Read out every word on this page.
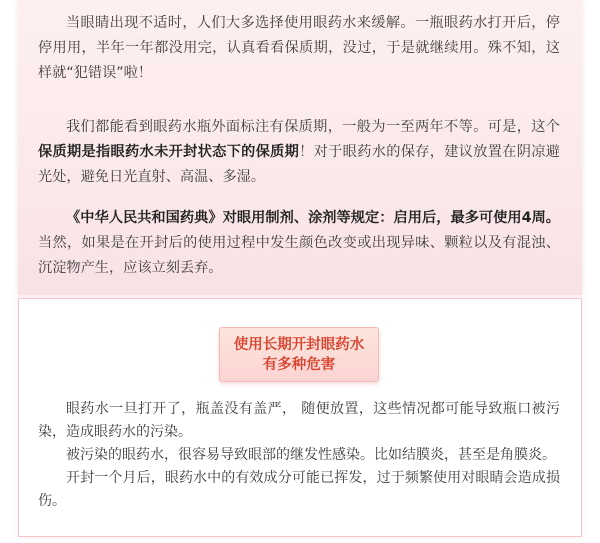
当眼睛出现不适时，人们大多选择使用眼药水来缓解。一瓶眼药水打开后，停停用用，半年一年都没用完，认真看看保质期，没过，于是就继续用。殊不知，这样就“犯错误”啦！

我们都能看到眼药水瓶外面标注有保质期，一般为一至两年不等。可是，这个保质期是指眼药水未开封状态下的保质期！对于眼药水的保存，建议放置在阴凉避光处，避免日光直射、高温、多湿。

《中华人民共和国药典》对眼用制剂、涂剂等规定：启用后，最多可使用4周。当然，如果是在开封后的使用过程中发生颜色改变或出现异味、颗粒以及有混浊、沉淀物产生，应该立刻丢弃。

使用长期开封眼药水
有多种危害

眼药水一旦打开了，瓶盖没有盖严， 随便放置，这些情况都可能导致瓶口被污染，造成眼药水的污染。

被污染的眼药水，很容易导致眼部的继发性感染。比如结膜炎，甚至是角膜炎。

开封一个月后，眼药水中的有效成分可能已挥发，过于频繁使用对眼睛会造成损伤。
